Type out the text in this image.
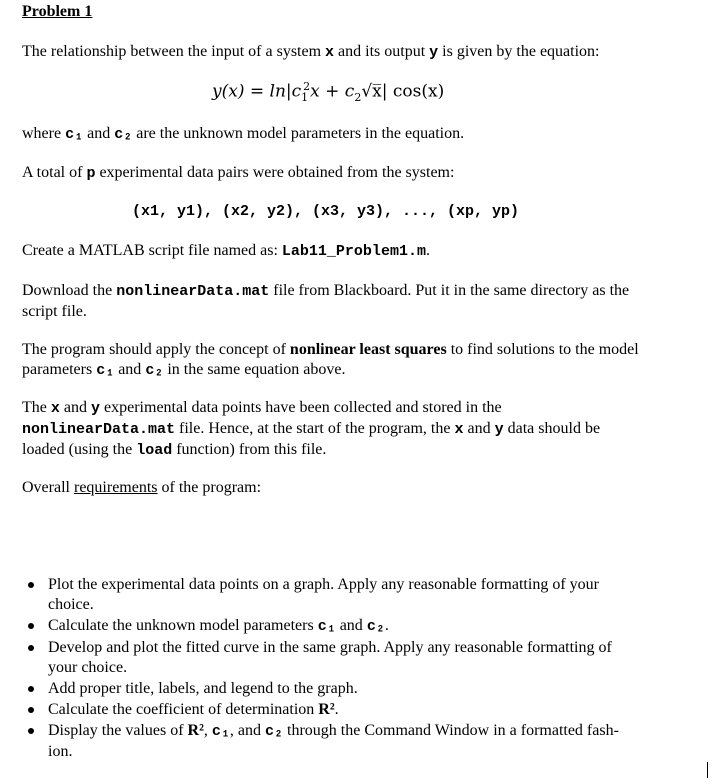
Problem 1
The relationship between the input of a system x and its output y is given by the equation:
$y(x) = \ln|c_1^2x$ + $c_2√x̅|$ cos(x)
where c₁ and c₂ are the unknown model parameters in the equation.
A total of p experimental data pairs were obtained from the system:
(x1, y1), (x2, y2), (x3, y3), ..., (xp, yp)
Create a MATLAB script file named as: Lab11_Problem1.m.
Download the nonlinearData.mat file from Blackboard. Put it in the same directory as the
script file.
The program should apply the concept of nonlinear least squares to find solutions to the model
parameters c₁ and c₂ in the same equation above.
The x and y experimental data points have been collected and stored in the
nonlinearData.mat file. Hence, at the start of the program, the x and y data should be
loaded (using the load function) from this file.
Overall requirements of the program:
Plot the experimental data points on a graph. Apply any reasonable formatting of your
choice.
Calculate the unknown model parameters c₁ and c₂.
Develop and plot the fitted curve in the same graph. Apply any reasonable formatting of
your choice.
Add proper title, labels, and legend to the graph.
Calculate the coefficient of determination R².
Display the values of R², c₁, and c₂ through the Command Window in a formatted fash-
ion.
